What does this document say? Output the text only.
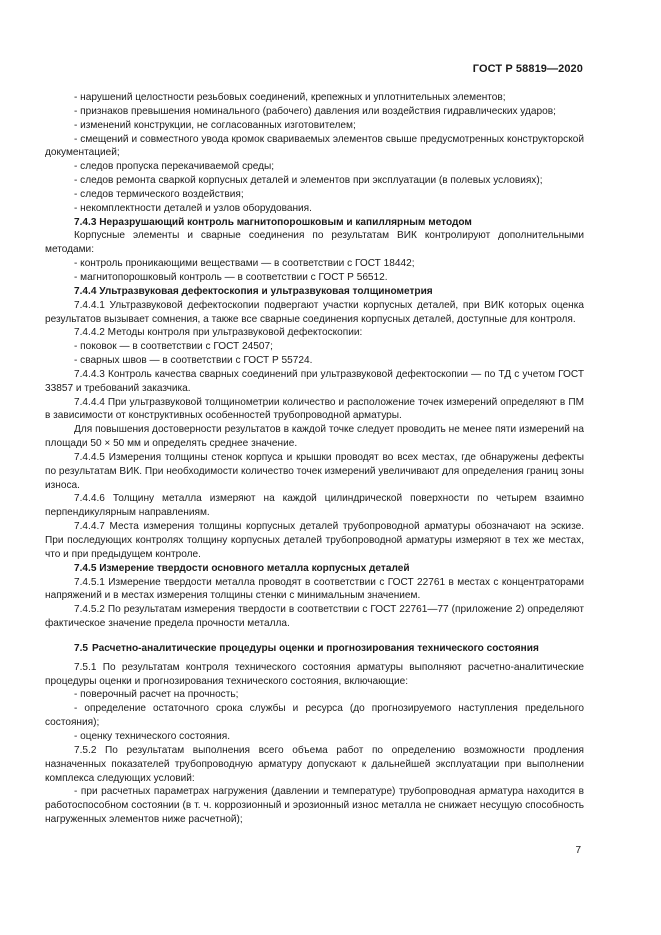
ГОСТ Р 58819—2020

- нарушений целостности резьбовых соединений, крепежных и уплотнительных элементов;

- признаков превышения номинального (рабочего) давления или воздействия гидравлических ударов;

- изменений конструкции, не согласованных изготовителем;

- смещений и совместного увода кромок свариваемых элементов свыше предусмотренных конструкторской документацией;

- следов пропуска перекачиваемой среды;

- следов ремонта сваркой корпусных деталей и элементов при эксплуатации (в полевых условиях);

- следов термического воздействия;

- некомплектности деталей и узлов оборудования.

7.4.3 Неразрушающий контроль магнитопорошковым и капиллярным методом

Корпусные элементы и сварные соединения по результатам ВИК контролируют дополнительными методами:

- контроль проникающими веществами — в соответствии с ГОСТ 18442;

- магнитопорошковый контроль — в соответствии с ГОСТ Р 56512.

7.4.4 Ультразвуковая дефектоскопия и ультразвуковая толщинометрия

7.4.4.1 Ультразвуковой дефектоскопии подвергают участки корпусных деталей, при ВИК которых оценка результатов вызывает сомнения, а также все сварные соединения корпусных деталей, доступные для контроля.

7.4.4.2 Методы контроля при ультразвуковой дефектоскопии:

- поковок — в соответствии с ГОСТ 24507;

- сварных швов — в соответствии с ГОСТ Р 55724.

7.4.4.3 Контроль качества сварных соединений при ультразвуковой дефектоскопии — по ТД с учетом ГОСТ 33857 и требований заказчика.

7.4.4.4 При ультразвуковой толщинометрии количество и расположение точек измерений определяют в ПМ в зависимости от конструктивных особенностей трубопроводной арматуры.

Для повышения достоверности результатов в каждой точке следует проводить не менее пяти измерений на площади 50 × 50 мм и определять среднее значение.

7.4.4.5 Измерения толщины стенок корпуса и крышки проводят во всех местах, где обнаружены дефекты по результатам ВИК. При необходимости количество точек измерений увеличивают для определения границ зоны износа.

7.4.4.6 Толщину металла измеряют на каждой цилиндрической поверхности по четырем взаимно перпендикулярным направлениям.

7.4.4.7 Места измерения толщины корпусных деталей трубопроводной арматуры обозначают на эскизе. При последующих контролях толщину корпусных деталей трубопроводной арматуры измеряют в тех же местах, что и при предыдущем контроле.

7.4.5 Измерение твердости основного металла корпусных деталей

7.4.5.1 Измерение твердости металла проводят в соответствии с ГОСТ 22761 в местах с концентраторами напряжений и в местах измерения толщины стенки с минимальным значением.

7.4.5.2 По результатам измерения твердости в соответствии с ГОСТ 22761—77 (приложение 2) определяют фактическое значение предела прочности металла.

7.5 Расчетно-аналитические процедуры оценки и прогнозирования технического состояния

7.5.1 По результатам контроля технического состояния арматуры выполняют расчетно-аналитические процедуры оценки и прогнозирования технического состояния, включающие:

- поверочный расчет на прочность;

- определение остаточного срока службы и ресурса (до прогнозируемого наступления предельного состояния);

- оценку технического состояния.

7.5.2 По результатам выполнения всего объема работ по определению возможности продления назначенных показателей трубопроводную арматуру допускают к дальнейшей эксплуатации при выполнении комплекса следующих условий:

- при расчетных параметрах нагружения (давлении и температуре) трубопроводная арматура находится в работоспособном состоянии (в т. ч. коррозионный и эрозионный износ металла не снижает несущую способность нагруженных элементов ниже расчетной);

7
